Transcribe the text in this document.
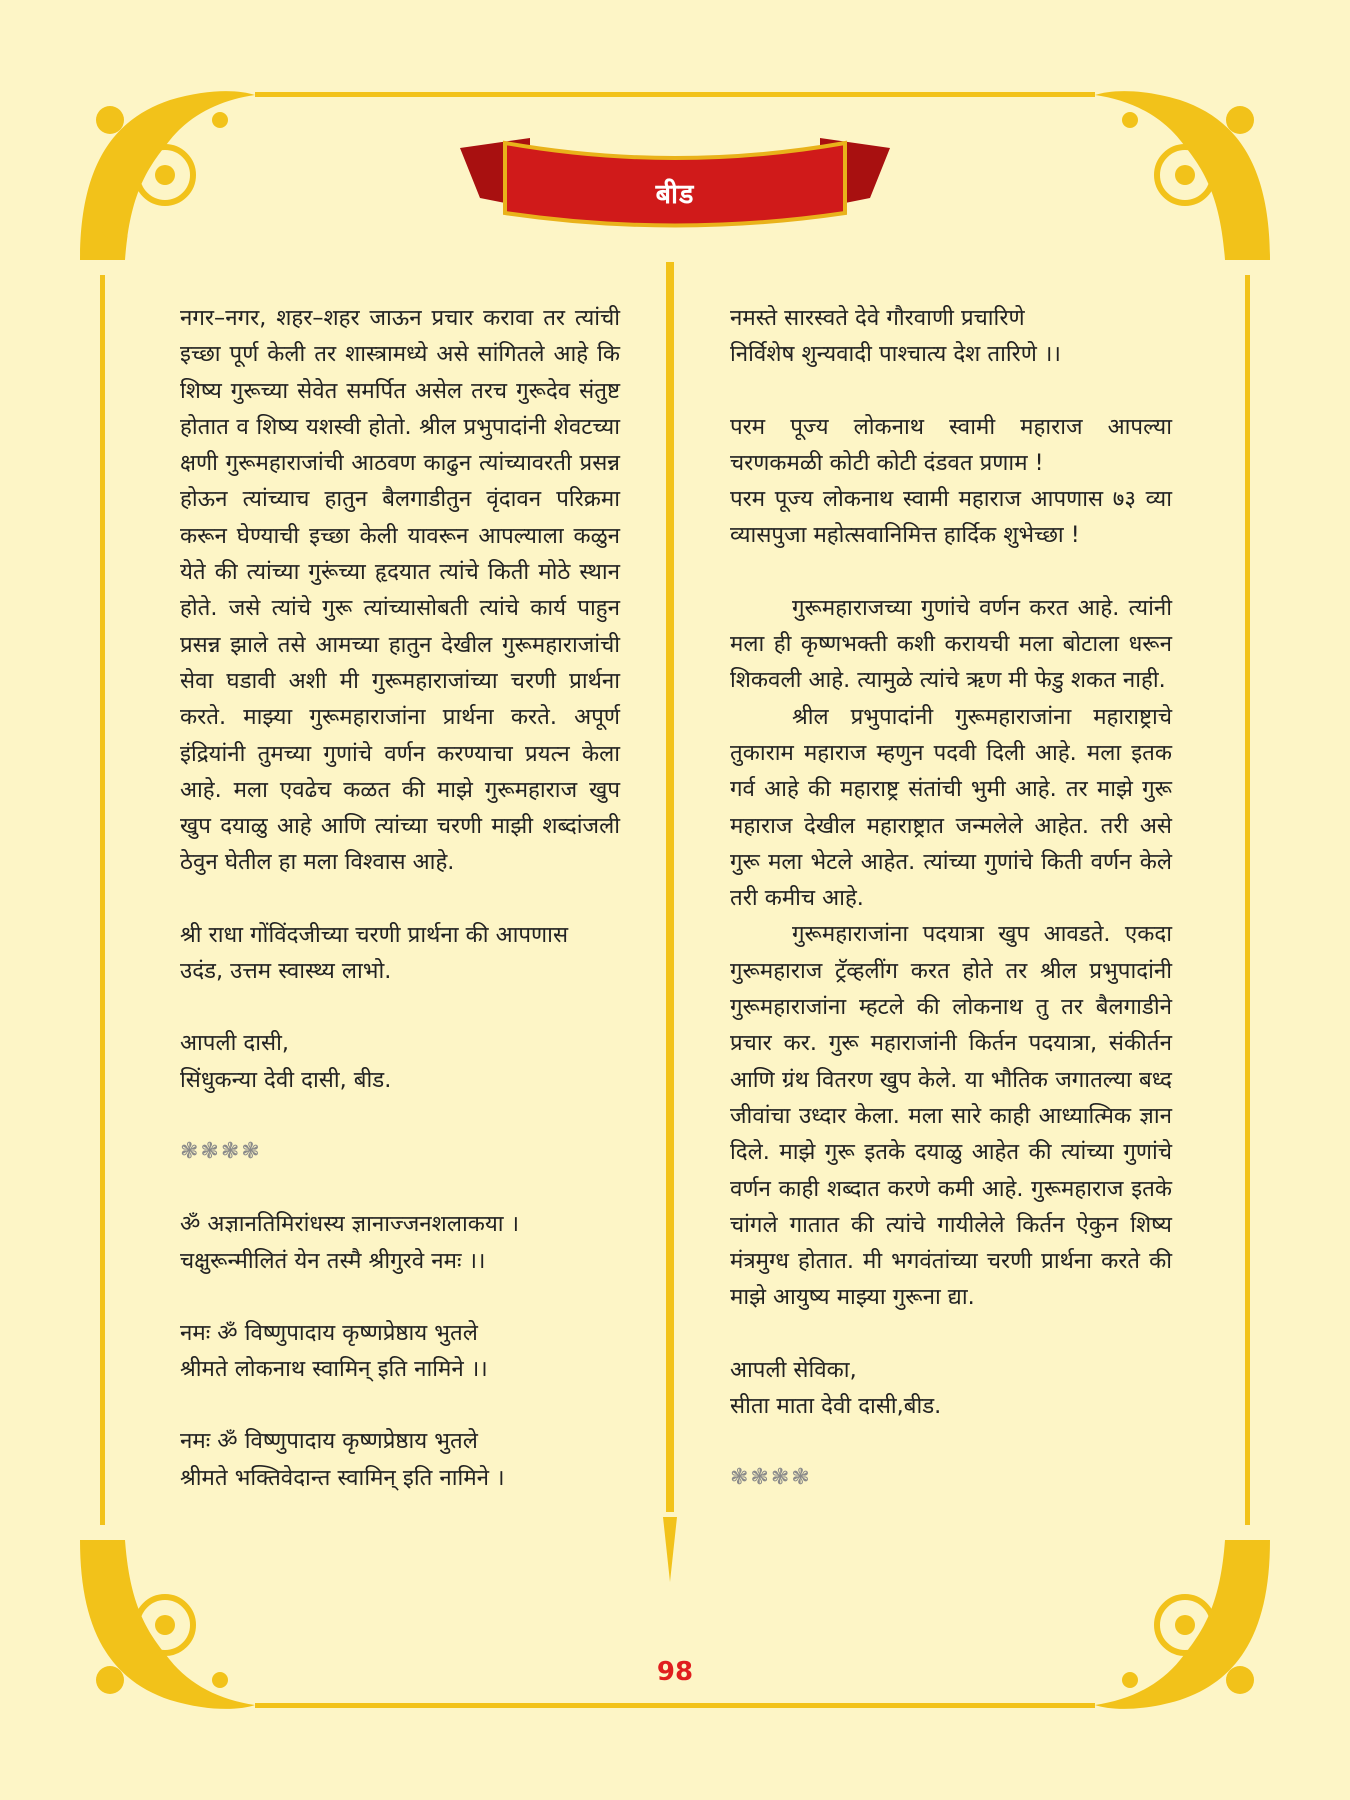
बीड

नगर–नगर, शहर–शहर जाऊन प्रचार करावा तर त्यांची इच्छा पूर्ण केली तर शास्त्रामध्ये असे सांगितले आहे कि शिष्य गुरूच्या सेवेत समर्पित असेल तरच गुरूदेव संतुष्ट होतात व शिष्य यशस्वी होतो. श्रील प्रभुपादांनी शेवटच्या क्षणी गुरूमहाराजांची आठवण काढुन त्यांच्यावरती प्रसन्न होऊन त्यांच्याच हातुन बैलगाडीतुन वृंदावन परिक्रमा करून घेण्याची इच्छा केली यावरून आपल्याला कळुन येते की त्यांच्या गुरूंच्या हृदयात त्यांचे किती मोठे स्थान होते. जसे त्यांचे गुरू त्यांच्यासोबती त्यांचे कार्य पाहुन प्रसन्न झाले तसे आमच्या हातुन देखील गुरूमहाराजांची सेवा घडावी अशी मी गुरूमहाराजांच्या चरणी प्रार्थना करते. माझ्या गुरूमहाराजांना प्रार्थना करते. अपूर्ण इंद्रियांनी तुमच्या गुणांचे वर्णन करण्याचा प्रयत्न केला आहे. मला एवढेच कळत की माझे गुरूमहाराज खुप खुप दयाळु आहे आणि त्यांच्या चरणी माझी शब्दांजली ठेवुन घेतील हा मला विश्वास आहे.

श्री राधा गोंविंदजीच्या चरणी प्रार्थना की आपणास

उदंड, उत्तम स्वास्थ्य लाभो.

आपली दासी,

सिंधुकन्या देवी दासी, बीड.

❃❃❃❃

ॐ अज्ञानतिमिरांधस्य ज्ञानाज्जनशलाकया ।

चक्षुरून्मीलितं येन तस्मै श्रीगुरवे नमः ।।

नमः ॐ विष्णुपादाय कृष्णप्रेष्ठाय भुतले

श्रीमते लोकनाथ स्वामिन् इति नामिने ।।

नमः ॐ विष्णुपादाय कृष्णप्रेष्ठाय भुतले

श्रीमते भक्तिवेदान्त स्वामिन् इति नामिने ।

नमस्ते सारस्वते देवे गौरवाणी प्रचारिणे

निर्विशेष शुन्यवादी पाश्चात्य देश तारिणे ।।

परम पूज्य लोकनाथ स्वामी महाराज आपल्या चरणकमळी कोटी कोटी दंडवत प्रणाम !

परम पूज्य लोकनाथ स्वामी महाराज आपणास ७३ व्या व्यासपुजा महोत्सवानिमित्त हार्दिक शुभेच्छा !

गुरूमहाराजच्या गुणांचे वर्णन करत आहे. त्यांनी मला ही कृष्णभक्ती कशी करायची मला बोटाला धरून शिकवली आहे. त्यामुळे त्यांचे ऋण मी फेडु शकत नाही.

श्रील प्रभुपादांनी गुरूमहाराजांना महाराष्ट्राचे तुकाराम महाराज म्हणुन पदवी दिली आहे. मला इतक गर्व आहे की महाराष्ट्र संतांची भुमी आहे. तर माझे गुरू महाराज देखील महाराष्ट्रात जन्मलेले आहेत. तरी असे गुरू मला भेटले आहेत. त्यांच्या गुणांचे किती वर्णन केले तरी कमीच आहे.

गुरूमहाराजांना पदयात्रा खुप आवडते. एकदा गुरूमहाराज ट्रॅव्हलींग करत होते तर श्रील प्रभुपादांनी गुरूमहाराजांना म्हटले की लोकनाथ तु तर बैलगाडीने प्रचार कर. गुरू महाराजांनी किर्तन पदयात्रा, संकीर्तन आणि ग्रंथ वितरण खुप केले. या भौतिक जगातल्या बध्द जीवांचा उध्दार केला. मला सारे काही आध्यात्मिक ज्ञान दिले. माझे गुरू इतके दयाळु आहेत की त्यांच्या गुणांचे वर्णन काही शब्दात करणे कमी आहे. गुरूमहाराज इतके चांगले गातात की त्यांचे गायीलेले किर्तन ऐकुन शिष्य मंत्रमुग्ध होतात. मी भगवंतांच्या चरणी प्रार्थना करते की माझे आयुष्य माझ्या गुरूना द्या.

आपली सेविका,

सीता माता देवी दासी,बीड.

❃❃❃❃

98
